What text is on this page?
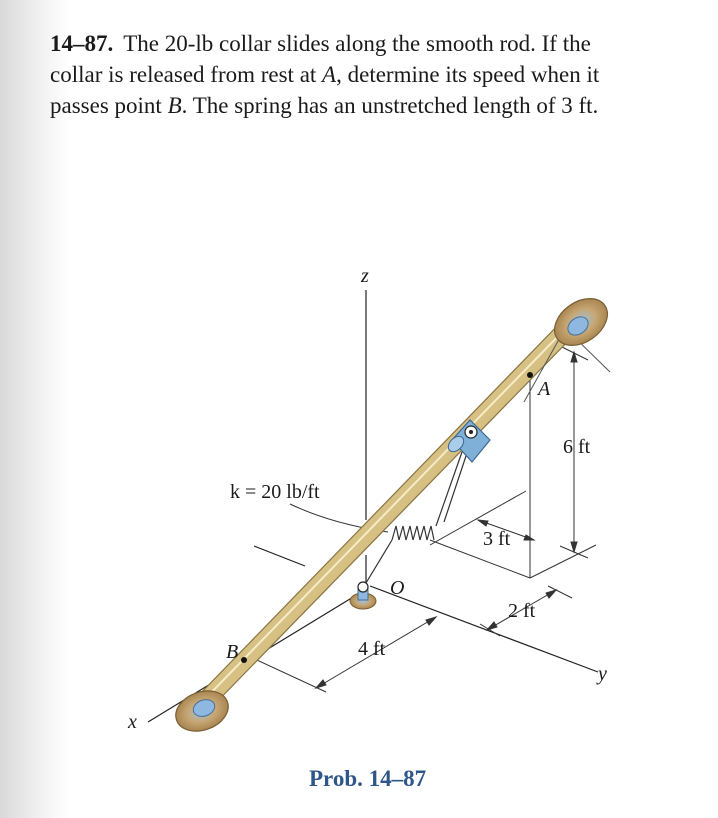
14–87. The 20-lb collar slides along the smooth rod. If the
collar is released from rest at A, determine its speed when it
passes point B. The spring has an unstretched length of 3 ft.
z
x
y
A
B
O
k = 20 lb/ft
6 ft
3 ft
2 ft
4 ft
Prob. 14–87
